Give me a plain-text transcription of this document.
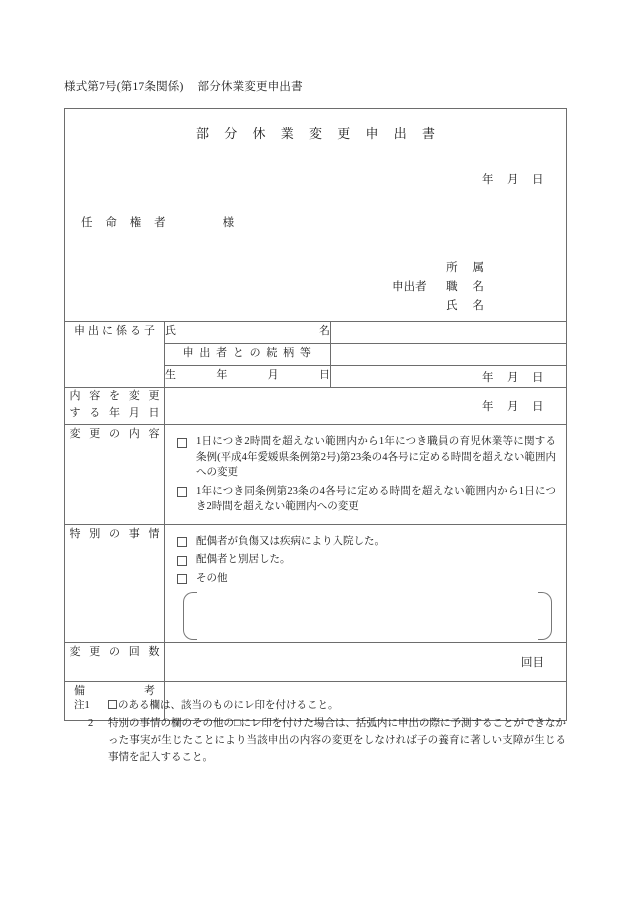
様式第7号(第17条関係) 部分休業変更申出書
部 分 休 業 変 更 申 出 書
年 月 日
任 命 権 者	様
所 属
申出者 職 名
氏 名

申出に係る子	氏 名	

	申 出 者 と の 続 柄 等	

	生 年 月 日	年 月 日

内 容 を 変 更
す る 年 月 日	年 月 日	

変 更 の 内 容	1日につき2時間を超えない範囲内から1年につき職員の育児休業等に関する条例(平成4年愛媛県条例第2号)第23条の4各号に定める時間を超えない範囲内への変更
1年につき同条例第23条の4各号に定める時間を超えない範囲内から1日につき2時間を超えない範囲内への変更	

特 別 の 事 情	配偶者が負傷又は疾病により入院した。
配偶者と別居した。
その他	

変 更 の 回 数	回目	

備　　　　考		
注1	のある欄は、該当のものにレ印を付けること。
2	特別の事情の欄のその他の□にレ印を付けた場合は、括弧内に申出の際に予測することができなかった事実が生じたことにより当該申出の内容の変更をしなければ子の養育に著しい支障が生じる事情を記入すること。
